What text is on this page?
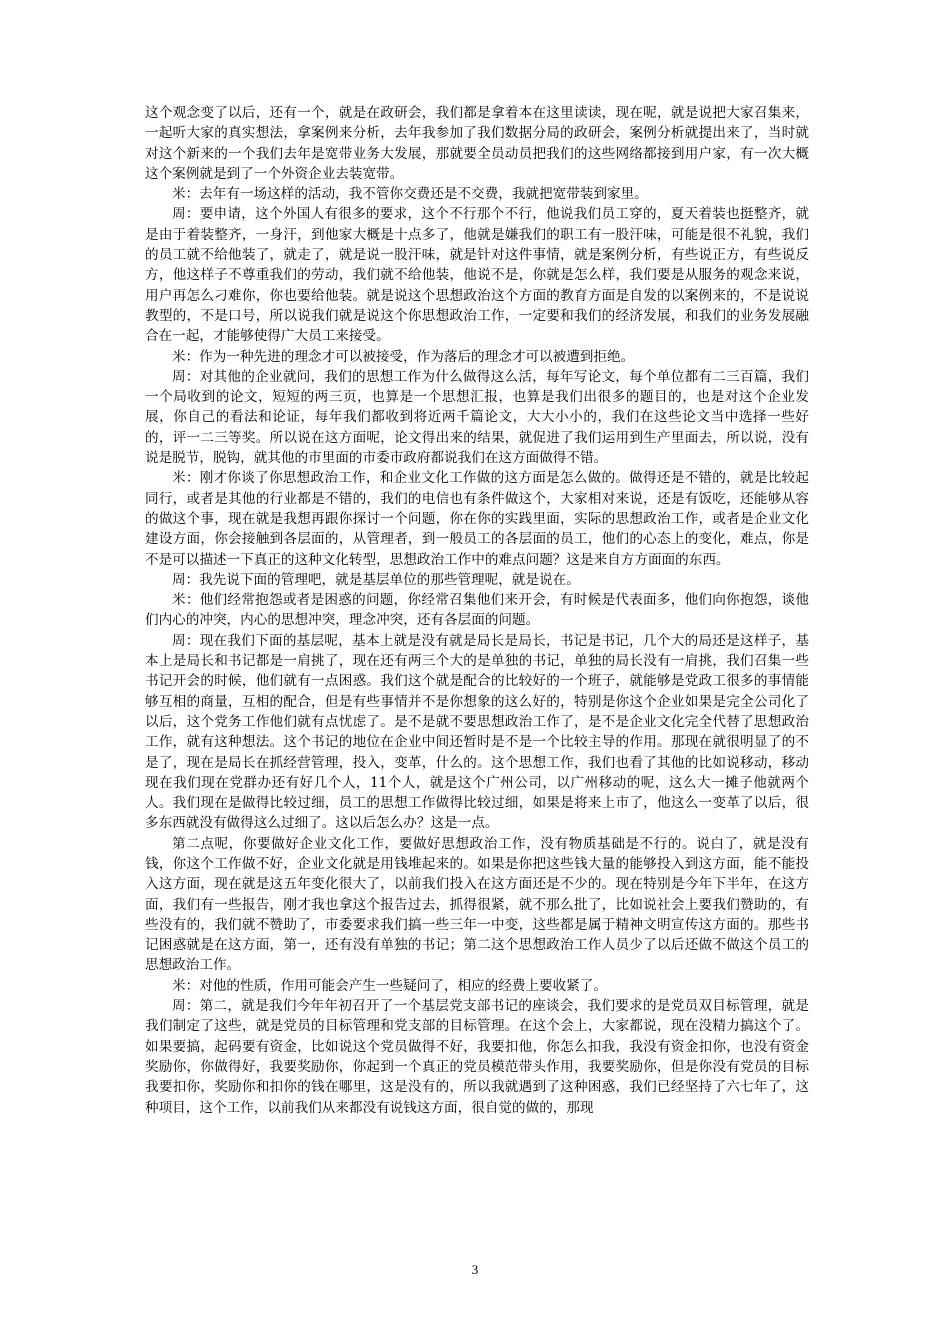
这个观念变了以后，还有一个，就是在政研会，我们都是拿着本在这里读读，现在呢，就是说把大家召集来，一起听大家的真实想法，拿案例来分析，去年我参加了我们数据分局的政研会，案例分析就提出来了，当时就对这个新来的一个我们去年是宽带业务大发展，那就要全员动员把我们的这些网络都接到用户家，有一次大概这个案例就是到了一个外资企业去装宽带。

米：去年有一场这样的活动，我不管你交费还是不交费，我就把宽带装到家里。

周：要申请，这个外国人有很多的要求，这个不行那个不行，他说我们员工穿的，夏天着装也挺整齐，就是由于着装整齐，一身汗，到他家大概是十点多了，他就是嫌我们的职工有一股汗味，可能是很不礼貌，我们的员工就不给他装了，就走了，就是说一股汗味，就是针对这件事情，就是案例分析，有些说正方，有些说反方，他这样子不尊重我们的劳动，我们就不给他装，他说不是，你就是怎么样，我们要是从服务的观念来说，用户再怎么刁难你，你也要给他装。就是说这个思想政治这个方面的教育方面是自发的以案例来的，不是说说教型的，不是口号，所以说我们就是说这个你思想政治工作，一定要和我们的经济发展，和我们的业务发展融合在一起，才能够使得广大员工来接受。

米：作为一种先进的理念才可以被接受，作为落后的理念才可以被遭到拒绝。

周：对其他的企业就问，我们的思想工作为什么做得这么活，每年写论文，每个单位都有二三百篇，我们一个局收到的论文，短短的两三页，也算是一个思想汇报，也算是我们出很多的题目的，也是对这个企业发展，你自己的看法和论证，每年我们都收到将近两千篇论文，大大小小的，我们在这些论文当中选择一些好的，评一二三等奖。所以说在这方面呢，论文得出来的结果，就促进了我们运用到生产里面去，所以说，没有说是脱节，脱钩，就其他的市里面的市委市政府都说我们在这方面做得不错。

米：刚才你谈了你思想政治工作，和企业文化工作做的这方面是怎么做的。做得还是不错的，就是比较起同行，或者是其他的行业都是不错的，我们的电信也有条件做这个，大家相对来说，还是有饭吃，还能够从容的做这个事，现在就是我想再跟你探讨一个问题，你在你的实践里面，实际的思想政治工作，或者是企业文化建设方面，你会接触到各层面的，从管理者，到一般员工的各层面的员工，他们的心态上的变化，难点，你是不是可以描述一下真正的这种文化转型，思想政治工作中的难点问题？这是来自方方面面的东西。

周：我先说下面的管理吧，就是基层单位的那些管理呢，就是说在。

米：他们经常抱怨或者是困惑的问题，你经常召集他们来开会，有时候是代表面多，他们向你抱怨，谈他们内心的冲突，内心的思想冲突，理念冲突，还有各层面的问题。

周：现在我们下面的基层呢，基本上就是没有就是局长是局长，书记是书记，几个大的局还是这样子，基本上是局长和书记都是一肩挑了，现在还有两三个大的是单独的书记，单独的局长没有一肩挑，我们召集一些书记开会的时候，他们就有一点困惑。我们这个就是配合的比较好的一个班子，就能够是党政工很多的事情能够互相的商量，互相的配合，但是有些事情并不是你想象的这么好的，特别是你这个企业如果是完全公司化了以后，这个党务工作他们就有点忧虑了。是不是就不要思想政治工作了，是不是企业文化完全代替了思想政治工作，就有这种想法。这个书记的地位在企业中间还暂时是不是一个比较主导的作用。那现在就很明显了的不是了，现在是局长在抓经营管理，投入，变革，什么的。这个思想工作，我们也看了其他的比如说移动，移动现在我们现在党群办还有好几个人，11个人，就是这个广州公司，以广州移动的呢，这么大一摊子他就两个人。我们现在是做得比较过细，员工的思想工作做得比较过细，如果是将来上市了，他这么一变革了以后，很多东西就没有做得这么过细了。这以后怎么办？这是一点。

第二点呢，你要做好企业文化工作，要做好思想政治工作，没有物质基础是不行的。说白了，就是没有钱，你这个工作做不好，企业文化就是用钱堆起来的。如果是你把这些钱大量的能够投入到这方面，能不能投入这方面，现在就是这五年变化很大了，以前我们投入在这方面还是不少的。现在特别是今年下半年，在这方面，我们有一些报告，刚才我也拿这个报告过去，抓得很紧，就不那么批了，比如说社会上要我们赞助的，有些没有的，我们就不赞助了，市委要求我们搞一些三年一中变，这些都是属于精神文明宣传这方面的。那些书记困惑就是在这方面，第一，还有没有单独的书记；第二这个思想政治工作人员少了以后还做不做这个员工的思想政治工作。

米：对他的性质，作用可能会产生一些疑问了，相应的经费上要收紧了。

周：第二，就是我们今年年初召开了一个基层党支部书记的座谈会，我们要求的是党员双目标管理，就是我们制定了这些，就是党员的目标管理和党支部的目标管理。在这个会上，大家都说，现在没精力搞这个了。如果要搞，起码要有资金，比如说这个党员做得不好，我要扣他，你怎么扣我，我没有资金扣你，也没有资金奖励你，你做得好，我要奖励你，你起到一个真正的党员模范带头作用，我要奖励你，但是你没有党员的目标我要扣你，奖励你和扣你的钱在哪里，这是没有的，所以我就遇到了这种困惑，我们已经坚持了六七年了，这种项目，这个工作，以前我们从来都没有说钱这方面，很自觉的做的，那现

3
